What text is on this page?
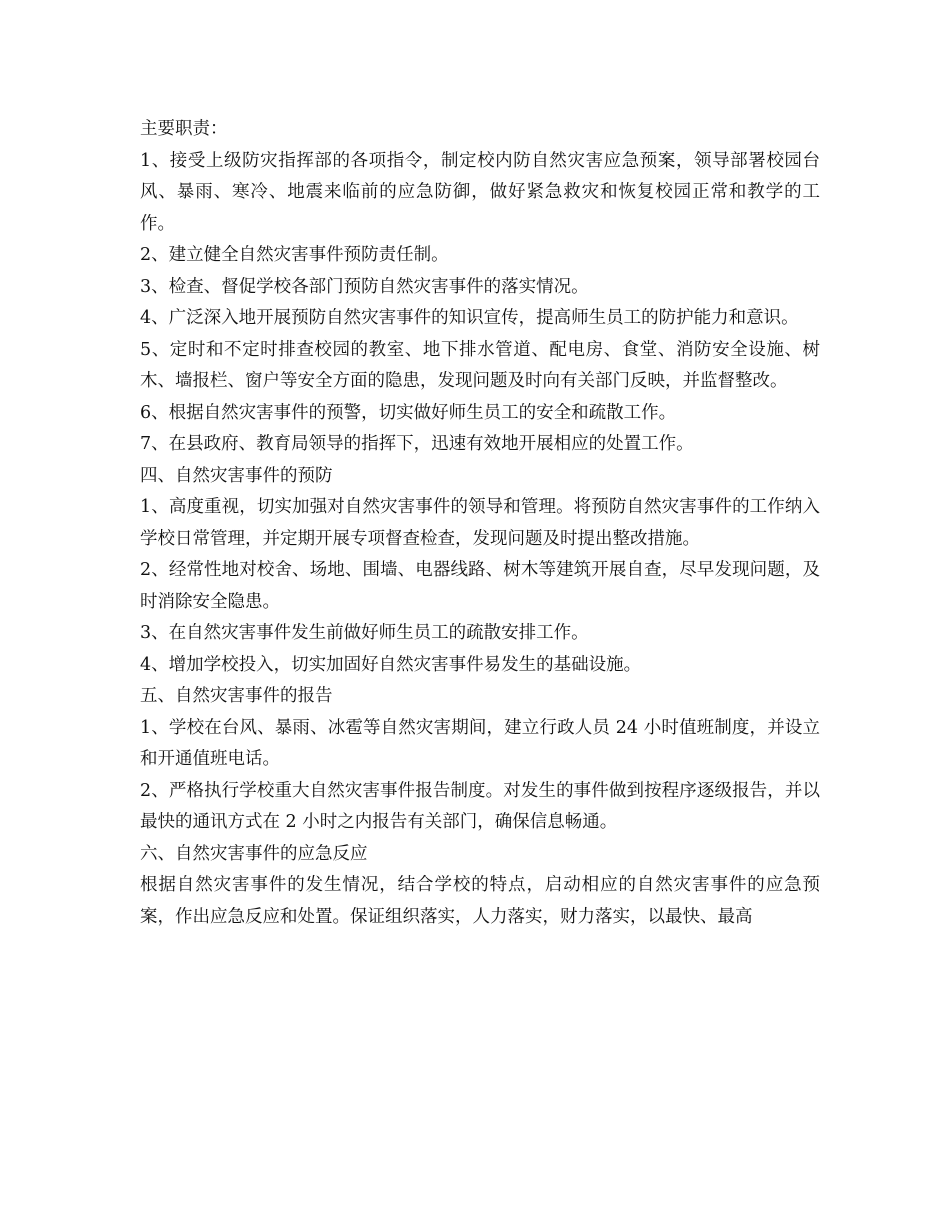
主要职责：

1、接受上级防灾指挥部的各项指令，制定校内防自然灾害应急预案，领导部署校园台风、暴雨、寒冷、地震来临前的应急防御，做好紧急救灾和恢复校园正常和教学的工作。

2、建立健全自然灾害事件预防责任制。

3、检查、督促学校各部门预防自然灾害事件的落实情况。

4、广泛深入地开展预防自然灾害事件的知识宣传，提高师生员工的防护能力和意识。

5、定时和不定时排查校园的教室、地下排水管道、配电房、食堂、消防安全设施、树木、墙报栏、窗户等安全方面的隐患，发现问题及时向有关部门反映，并监督整改。

6、根据自然灾害事件的预警，切实做好师生员工的安全和疏散工作。

7、在县政府、教育局领导的指挥下，迅速有效地开展相应的处置工作。

四、自然灾害事件的预防

1、高度重视，切实加强对自然灾害事件的领导和管理。将预防自然灾害事件的工作纳入学校日常管理，并定期开展专项督查检查，发现问题及时提出整改措施。

2、经常性地对校舍、场地、围墙、电器线路、树木等建筑开展自查，尽早发现问题，及时消除安全隐患。

3、在自然灾害事件发生前做好师生员工的疏散安排工作。

4、增加学校投入，切实加固好自然灾害事件易发生的基础设施。

五、自然灾害事件的报告

1、学校在台风、暴雨、冰雹等自然灾害期间，建立行政人员 24 小时值班制度，并设立和开通值班电话。

2、严格执行学校重大自然灾害事件报告制度。对发生的事件做到按程序逐级报告，并以最快的通讯方式在 2 小时之内报告有关部门，确保信息畅通。

六、自然灾害事件的应急反应

根据自然灾害事件的发生情况，结合学校的特点，启动相应的自然灾害事件的应急预案，作出应急反应和处置。保证组织落实，人力落实，财力落实，以最快、最高
